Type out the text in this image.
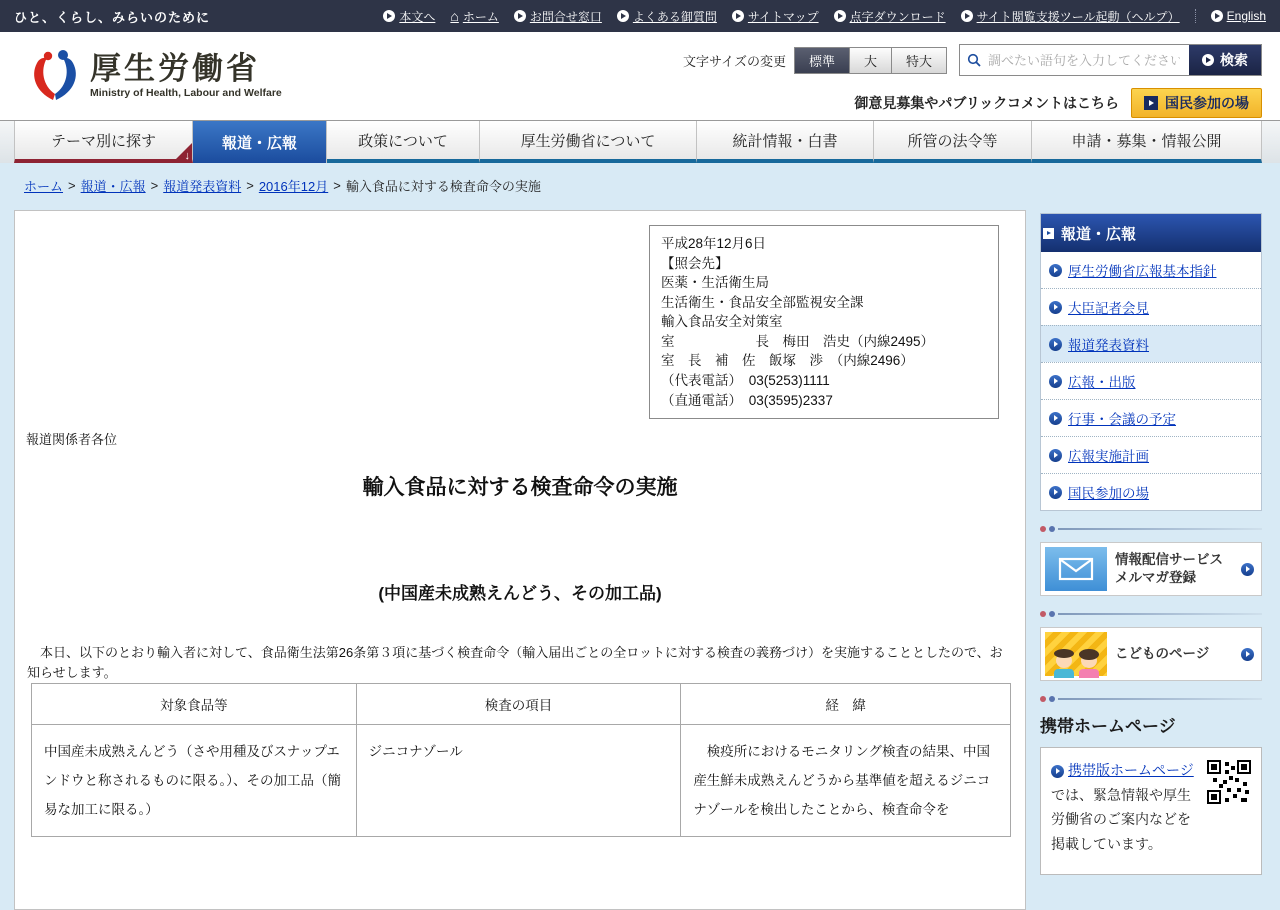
ひと、くらし、みらいのために	本文へ ⌂ ホーム	お問合せ窓口	よくある御質問	サイトマップ	点字ダウンロード	サイト閲覧支援ツール起動（ヘルプ）	English
厚生労働省
Ministry of Health, Labour and Welfare
文字サイズの変更	標準	大	特大
調べたい語句を入力してください	検索
御意見募集やパブリックコメントはこちら	国民参加の場
テーマ別に探す
↓
報道・広報	政策について	厚生労働省について	統計情報・白書	所管の法令等	申請・募集・情報公開
ホーム > 報道・広報 > 報道発表資料 > 2016年12月 > 輸入食品に対する検査命令の実施
平成28年12月6日
【照会先】
医薬・生活衛生局
生活衛生・食品安全部監視安全課
輸入食品安全対策室
室　　　　　　長　梅田　浩史（内線2495）
室　長　補　佐　飯塚　渉　（内線2496）
（代表電話）　03(5253)1111
（直通電話）　03(3595)2337
報道関係者各位
輸入食品に対する検査命令の実施
(中国産未成熟えんどう、その加工品)
　本日、以下のとおり輸入者に対して、食品衛生法第26条第３項に基づく検査命令（輸入届出ごとの全ロットに対する検査の義務づけ）を実施することとしたので、お知らせします。
対象食品等	検査の項目	経　緯
中国産未成熟えんどう（さや用種及びスナップエンドウと称されるものに限る。）、その加工品（簡易な加工に限る。）	ジニコナゾール	　検疫所におけるモニタリング検査の結果、中国産生鮮未成熟えんどうから基準値を超えるジニコナゾールを検出したことから、検査命令を
報道・広報
厚生労働省広報基本指針
大臣記者会見
報道発表資料
広報・出版
行事・会議の予定
広報実施計画
国民参加の場
情報配信サービス
メルマガ登録
こどものページ
携帯ホームページ
携帯版ホームページでは、緊急情報や厚生労働省のご案内などを掲載しています。
